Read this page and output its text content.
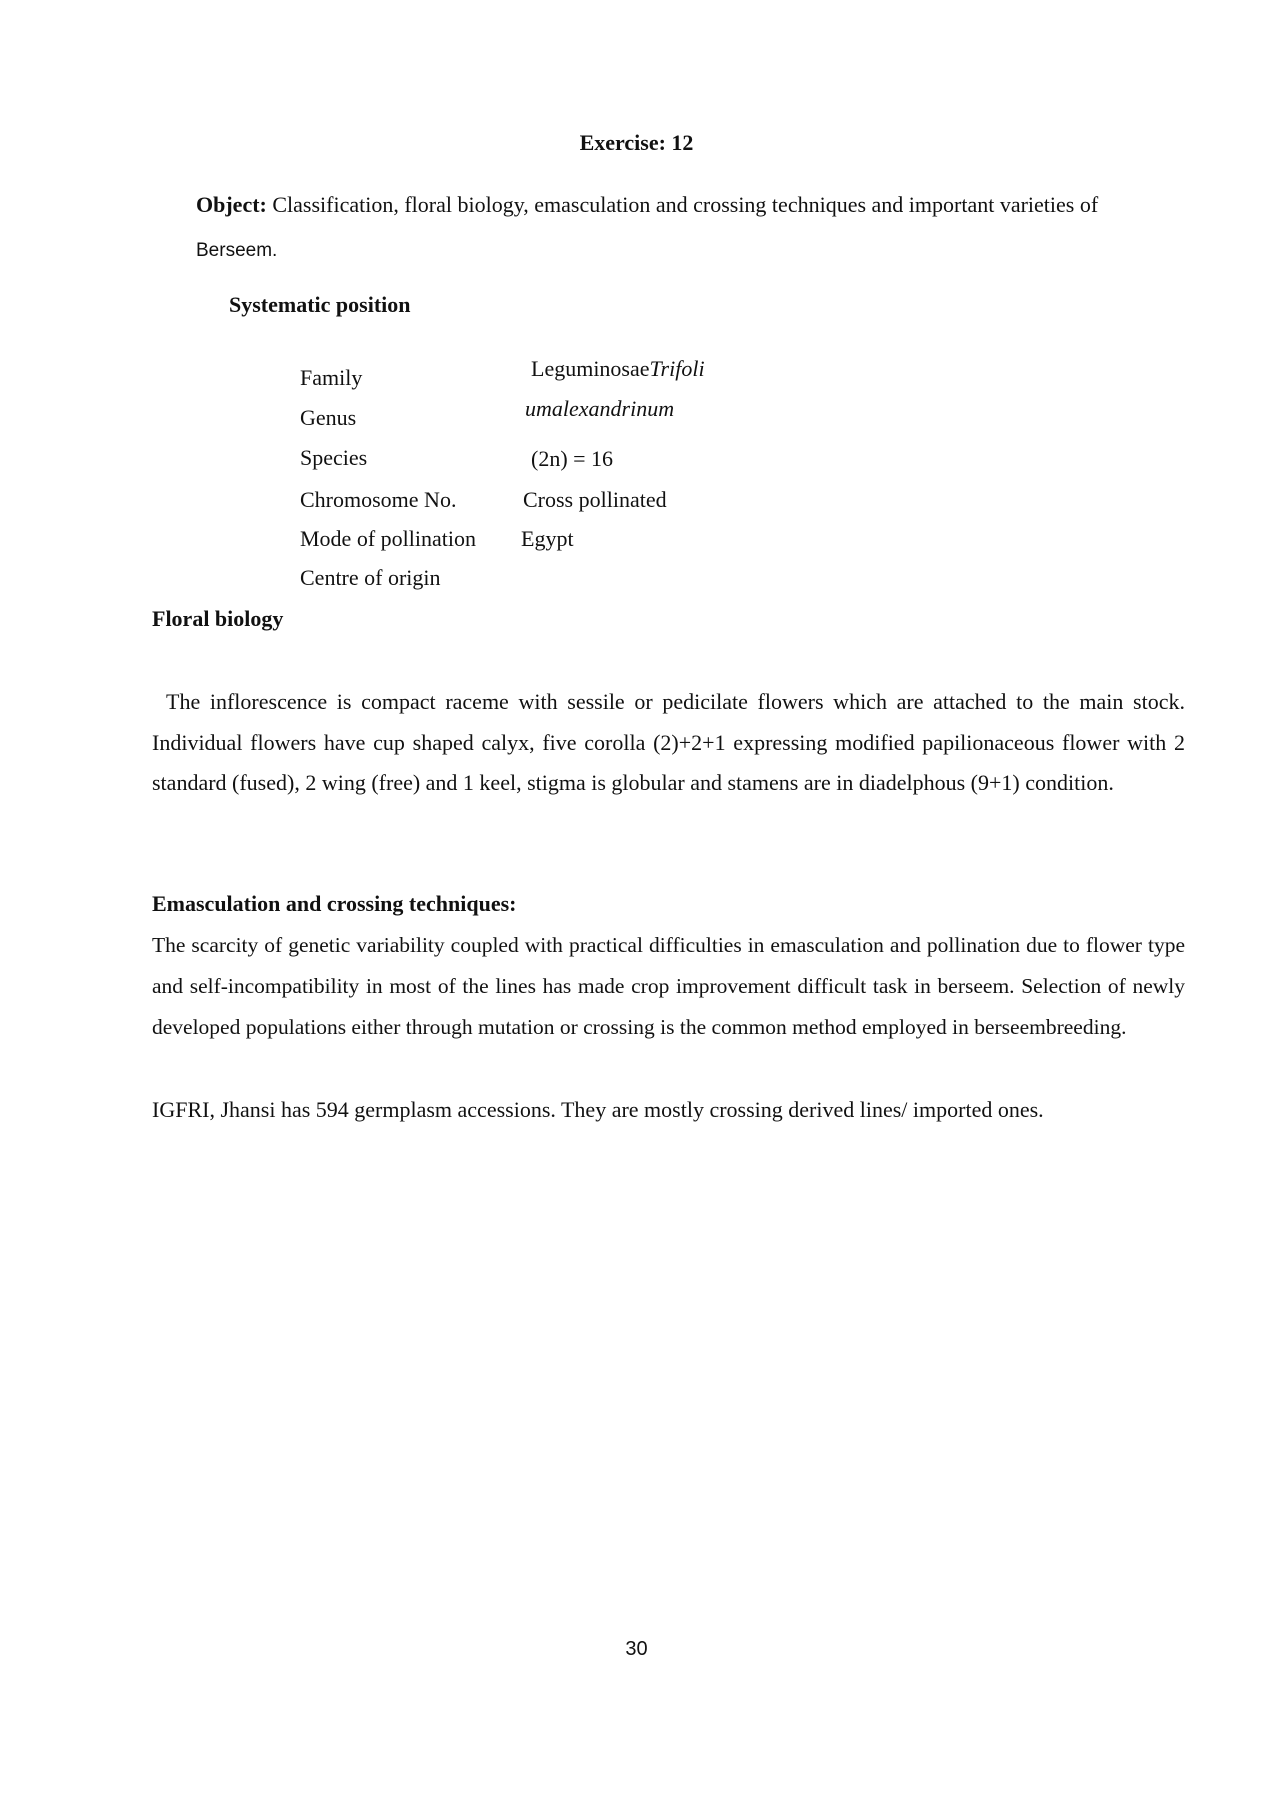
Exercise: 12
Object: Classification, floral biology, emasculation and crossing techniques and important varieties of
Berseem.
Systematic position
Family
Genus
Species
Chromosome No.
Mode of pollination
Centre of origin
LeguminosaeTrifoli
umalexandrinum
(2n) = 16
Cross pollinated
Egypt
Floral biology
The inflorescence is compact raceme with sessile or pedicilate flowers which are attached to the main stock. Individual flowers have cup shaped calyx, five corolla (2)+2+1 expressing modified papilionaceous flower with 2 standard (fused), 2 wing (free) and 1 keel, stigma is globular and stamens are in diadelphous (9+1) condition.
Emasculation and crossing techniques:
The scarcity of genetic variability coupled with practical difficulties in emasculation and pollination due to flower type and self-incompatibility in most of the lines has made crop improvement difficult task in berseem. Selection of newly developed populations either through mutation or crossing is the common method employed in berseembreeding.
IGFRI, Jhansi has 594 germplasm accessions. They are mostly crossing derived lines/ imported ones.
30
